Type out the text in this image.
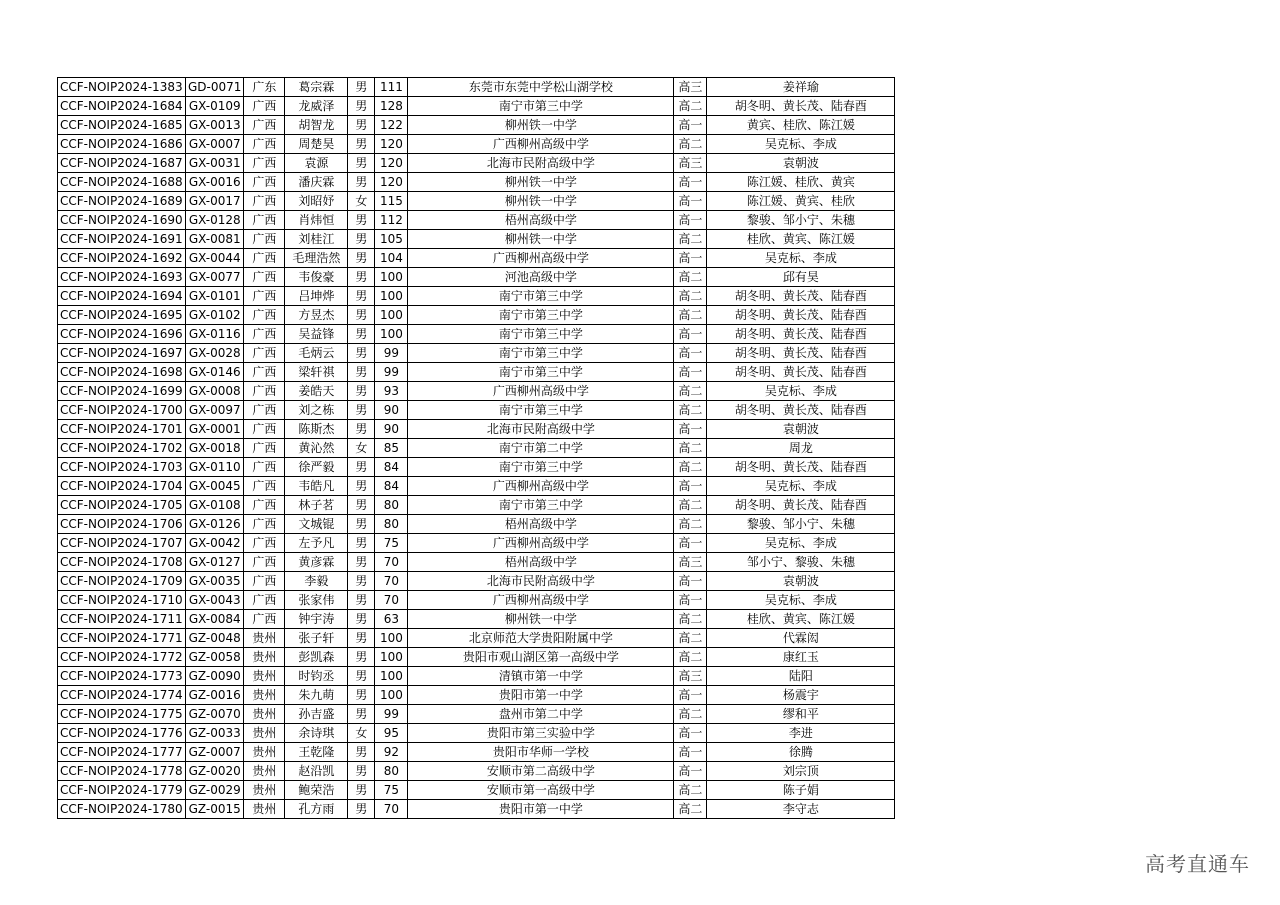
CCF-NOIP2024-1383	GD-0071	广东	葛宗霖	男	111	东莞市东莞中学松山湖学校	高三	姜祥瑜
CCF-NOIP2024-1684	GX-0109	广西	龙威泽	男	128	南宁市第三中学	高二	胡冬明、黄长茂、陆春酉
CCF-NOIP2024-1685	GX-0013	广西	胡智龙	男	122	柳州铁一中学	高一	黄宾、桂欣、陈江媛
CCF-NOIP2024-1686	GX-0007	广西	周楚昊	男	120	广西柳州高级中学	高二	吴克标、李成
CCF-NOIP2024-1687	GX-0031	广西	袁源	男	120	北海市民附高级中学	高三	袁朝波
CCF-NOIP2024-1688	GX-0016	广西	潘庆霖	男	120	柳州铁一中学	高一	陈江媛、桂欣、黄宾
CCF-NOIP2024-1689	GX-0017	广西	刘昭妤	女	115	柳州铁一中学	高一	陈江媛、黄宾、桂欣
CCF-NOIP2024-1690	GX-0128	广西	肖炜恒	男	112	梧州高级中学	高一	黎骏、邹小宁、朱穗
CCF-NOIP2024-1691	GX-0081	广西	刘桂江	男	105	柳州铁一中学	高二	桂欣、黄宾、陈江媛
CCF-NOIP2024-1692	GX-0044	广西	毛理浩然	男	104	广西柳州高级中学	高一	吴克标、李成
CCF-NOIP2024-1693	GX-0077	广西	韦俊豪	男	100	河池高级中学	高二	邱有昊
CCF-NOIP2024-1694	GX-0101	广西	吕坤烨	男	100	南宁市第三中学	高二	胡冬明、黄长茂、陆春酉
CCF-NOIP2024-1695	GX-0102	广西	方昱杰	男	100	南宁市第三中学	高二	胡冬明、黄长茂、陆春酉
CCF-NOIP2024-1696	GX-0116	广西	吴益锋	男	100	南宁市第三中学	高一	胡冬明、黄长茂、陆春酉
CCF-NOIP2024-1697	GX-0028	广西	毛炳云	男	99	南宁市第三中学	高一	胡冬明、黄长茂、陆春酉
CCF-NOIP2024-1698	GX-0146	广西	梁轩祺	男	99	南宁市第三中学	高一	胡冬明、黄长茂、陆春酉
CCF-NOIP2024-1699	GX-0008	广西	姜皓天	男	93	广西柳州高级中学	高二	吴克标、李成
CCF-NOIP2024-1700	GX-0097	广西	刘之栋	男	90	南宁市第三中学	高二	胡冬明、黄长茂、陆春酉
CCF-NOIP2024-1701	GX-0001	广西	陈斯杰	男	90	北海市民附高级中学	高一	袁朝波
CCF-NOIP2024-1702	GX-0018	广西	黄沁然	女	85	南宁市第二中学	高二	周龙
CCF-NOIP2024-1703	GX-0110	广西	徐严毅	男	84	南宁市第三中学	高二	胡冬明、黄长茂、陆春酉
CCF-NOIP2024-1704	GX-0045	广西	韦皓凡	男	84	广西柳州高级中学	高一	吴克标、李成
CCF-NOIP2024-1705	GX-0108	广西	林子茗	男	80	南宁市第三中学	高二	胡冬明、黄长茂、陆春酉
CCF-NOIP2024-1706	GX-0126	广西	文城锟	男	80	梧州高级中学	高二	黎骏、邹小宁、朱穗
CCF-NOIP2024-1707	GX-0042	广西	左予凡	男	75	广西柳州高级中学	高一	吴克标、李成
CCF-NOIP2024-1708	GX-0127	广西	黄彦霖	男	70	梧州高级中学	高三	邹小宁、黎骏、朱穗
CCF-NOIP2024-1709	GX-0035	广西	李毅	男	70	北海市民附高级中学	高一	袁朝波
CCF-NOIP2024-1710	GX-0043	广西	张家伟	男	70	广西柳州高级中学	高一	吴克标、李成
CCF-NOIP2024-1711	GX-0084	广西	钟宇涛	男	63	柳州铁一中学	高二	桂欣、黄宾、陈江媛
CCF-NOIP2024-1771	GZ-0048	贵州	张子轩	男	100	北京师范大学贵阳附属中学	高二	代霖闳
CCF-NOIP2024-1772	GZ-0058	贵州	彭凯森	男	100	贵阳市观山湖区第一高级中学	高二	康红玉
CCF-NOIP2024-1773	GZ-0090	贵州	时钧丞	男	100	清镇市第一中学	高三	陆阳
CCF-NOIP2024-1774	GZ-0016	贵州	朱九萌	男	100	贵阳市第一中学	高一	杨震宇
CCF-NOIP2024-1775	GZ-0070	贵州	孙吉盛	男	99	盘州市第二中学	高二	缪和平
CCF-NOIP2024-1776	GZ-0033	贵州	余诗琪	女	95	贵阳市第三实验中学	高一	李进
CCF-NOIP2024-1777	GZ-0007	贵州	王乾隆	男	92	贵阳市华师一学校	高一	徐腾
CCF-NOIP2024-1778	GZ-0020	贵州	赵沿凯	男	80	安顺市第二高级中学	高一	刘宗顶
CCF-NOIP2024-1779	GZ-0029	贵州	鲍荣浩	男	75	安顺市第一高级中学	高二	陈子娟
CCF-NOIP2024-1780	GZ-0015	贵州	孔方雨	男	70	贵阳市第一中学	高二	李守志
高考直通车
